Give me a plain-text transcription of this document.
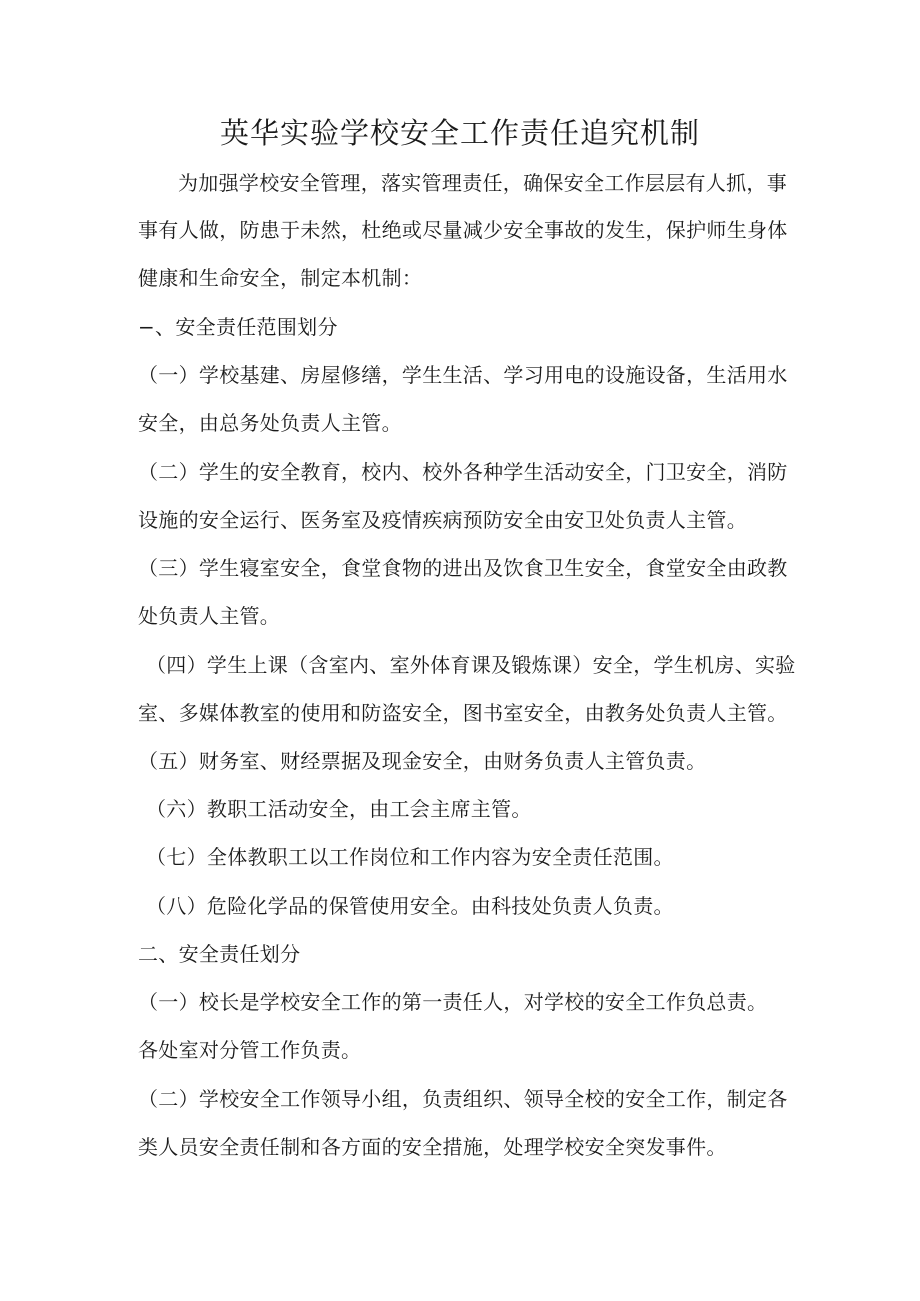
英华实验学校安全工作责任追究机制
为加强学校安全管理，落实管理责任，确保安全工作层层有人抓，事
事有人做，防患于未然，杜绝或尽量减少安全事故的发生，保护师生身体
健康和生命安全，制定本机制：
−、安全责任范围划分
（一）学校基建、房屋修缮，学生生活、学习用电的设施设备，生活用水
安全，由总务处负责人主管。
（二）学生的安全教育，校内、校外各种学生活动安全，门卫安全，消防
设施的安全运行、医务室及疫情疾病预防安全由安卫处负责人主管。
（三）学生寝室安全，食堂食物的进出及饮食卫生安全，食堂安全由政教
处负责人主管。
（四）学生上课（含室内、室外体育课及锻炼课）安全，学生机房、实验
室、多媒体教室的使用和防盗安全，图书室安全，由教务处负责人主管。
（五）财务室、财经票据及现金安全，由财务负责人主管负责。
（六）教职工活动安全，由工会主席主管。
（七）全体教职工以工作岗位和工作内容为安全责任范围。
（八）危险化学品的保管使用安全。由科技处负责人负责。
二、安全责任划分
（一）校长是学校安全工作的第一责任人，对学校的安全工作负总责。
各处室对分管工作负责。
（二）学校安全工作领导小组，负责组织、领导全校的安全工作，制定各
类人员安全责任制和各方面的安全措施，处理学校安全突发事件。
